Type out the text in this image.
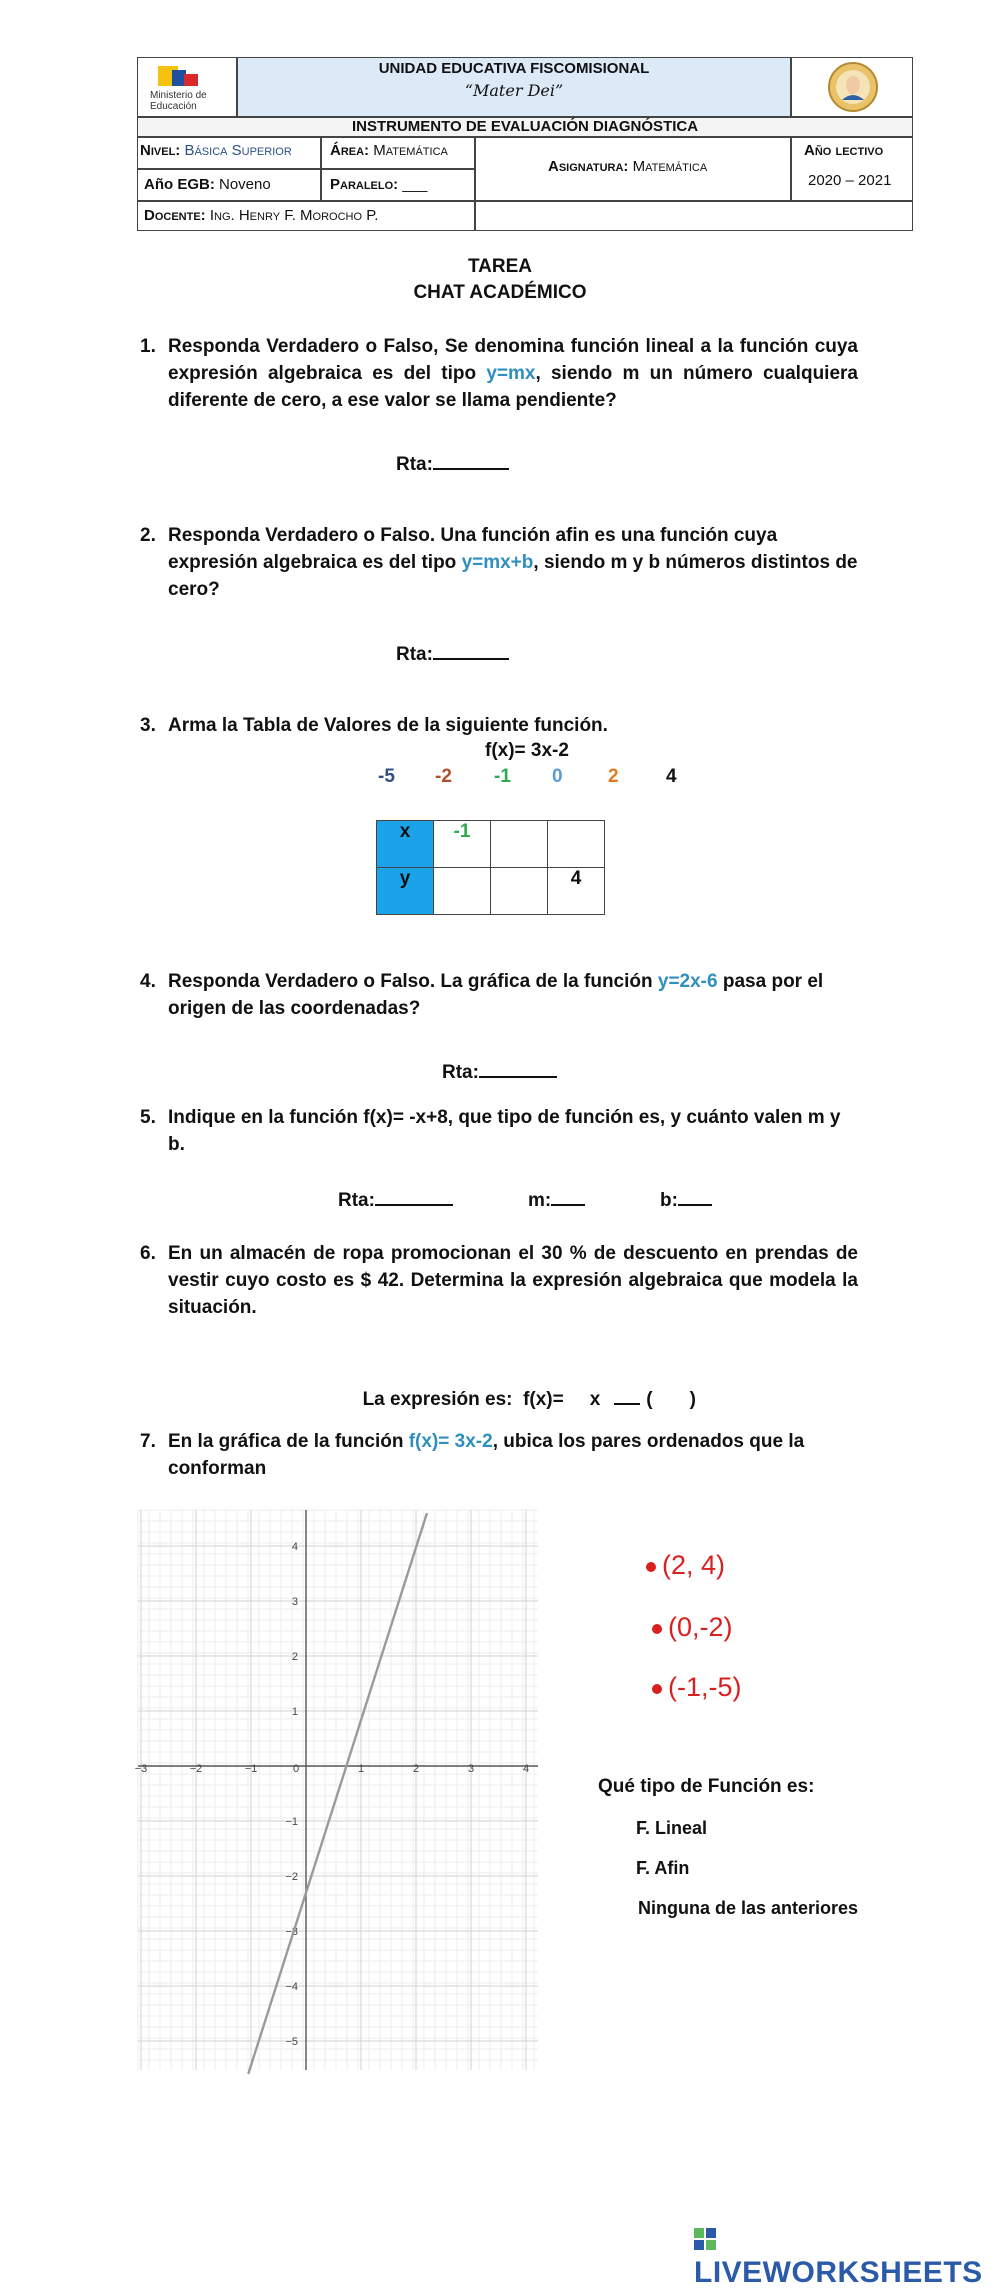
Ministerio de Educación
UNIDAD EDUCATIVA FISCOMISIONAL
“Mater Dei”
INSTRUMENTO DE EVALUACIÓN DIAGNÓSTICA
Nivel: Básica Superior	Área: Matemática
Asignatura: Matemática
Año lectivo
2020 – 2021
Año EGB: Noveno	Paralelo: ___
Docente: Ing. Henry F. Morocho P.
TAREA
CHAT ACADÉMICO
1. Responda Verdadero o Falso, Se denomina función lineal a la función cuya expresión algebraica es del tipo y=mx, siendo m un número cualquiera diferente de cero, a ese valor se llama pendiente?
Rta:
2. Responda Verdadero o Falso. Una función afin es una función cuya expresión algebraica es del tipo y=mx+b, siendo m y b números distintos de cero?
Rta:
3. Arma la Tabla de Valores de la siguiente función.
f(x)= 3x-2
-5 -2 -1 0 2 4
x	-1		
y			4
4. Responda Verdadero o Falso. La gráfica de la función y=2x-6 pasa por el origen de las coordenadas?
Rta:
5. Indique en la función f(x)= -x+8, que tipo de función es, y cuánto valen m y b.
Rta:	m:	b:
6. En un almacén de ropa promocionan el 30 % de descuento en prendas de vestir cuyo costo es $ 42. Determina la expresión algebraica que modela la situación.

La expresión es:  f(x)= x (       )

7. En la gráfica de la función f(x)= 3x-2, ubica los pares ordenados que la conforman
−3	−2	−1	0	1	2	3	4
4
3
2
1
−1
−2
−3
−4
−5
(2, 4)
(0,-2)
(-1,-5)
Qué tipo de Función es:
F. Lineal
F. Afin
Ninguna de las anteriores
LIVEWORKSHEETS
